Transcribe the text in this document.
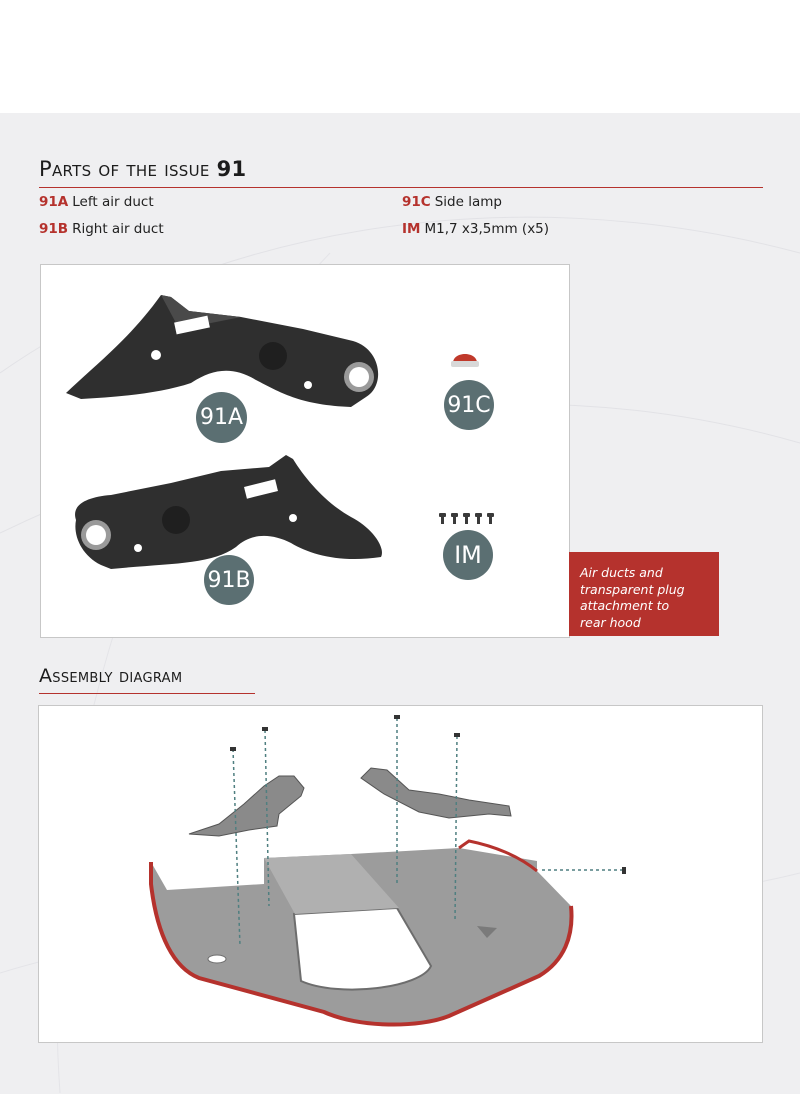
Parts of the issue 91
91A Left air duct
91B Right air duct
91C Side lamp
IM M1,7 x3,5mm (x5)
91A	91C
91B
IM
Air ducts and
transparent plug
attachment to
rear hood
Assembly diagram
